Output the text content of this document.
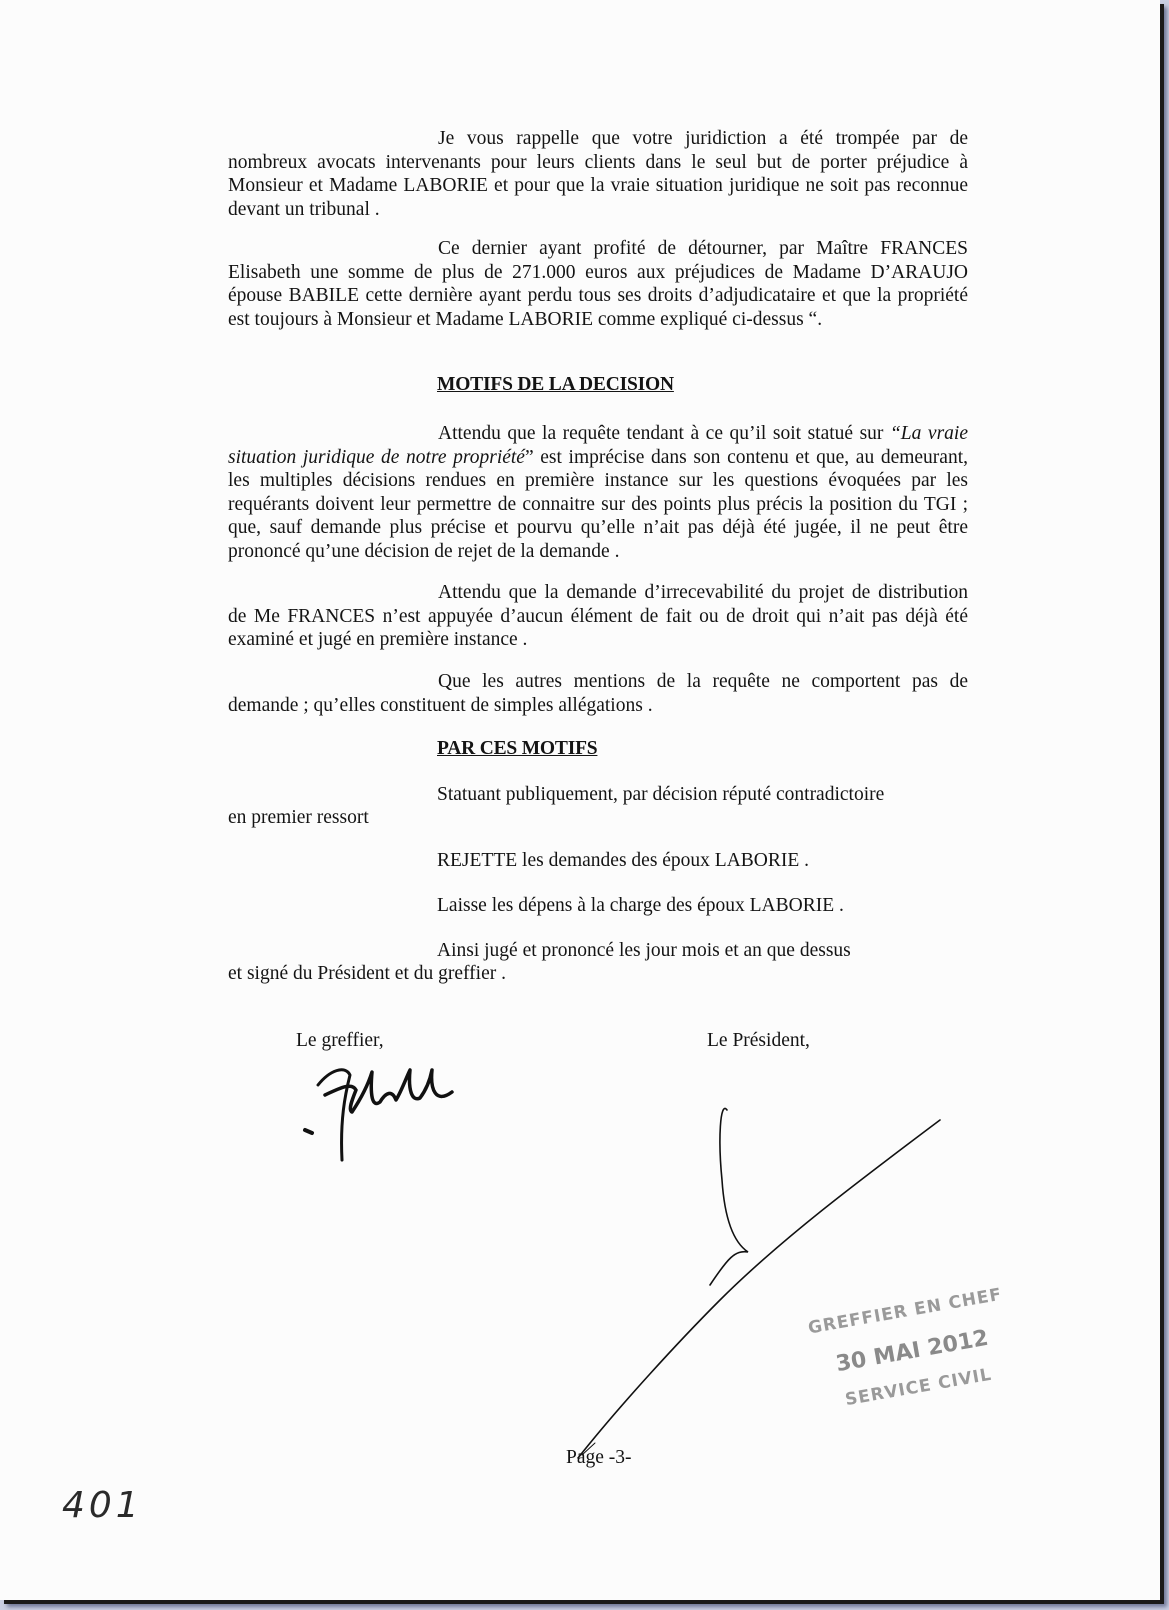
Je vous rappelle que votre juridiction a été trompée par de nombreux avocats intervenants pour leurs clients dans le seul but de porter préjudice à Monsieur et Madame LABORIE et pour que la vraie situation juridique ne soit pas reconnue devant un tribunal .
Ce dernier ayant profité de détourner, par Maître FRANCES Elisabeth une somme de plus de 271.000 euros aux préjudices de Madame D’ARAUJO épouse BABILE cette dernière ayant perdu tous ses droits d’adjudicataire et que la propriété est toujours à Monsieur et Madame LABORIE comme expliqué ci-dessus “.
MOTIFS DE LA DECISION
Attendu que la requête tendant à ce qu’il soit statué sur “La vraie situation juridique de notre propriété” est imprécise dans son contenu et que, au demeurant, les multiples décisions rendues en première instance sur les questions évoquées par les requérants doivent leur permettre de connaitre sur des points plus précis la position du TGI ; que, sauf demande plus précise et pourvu qu’elle n’ait pas déjà été jugée, il ne peut être prononcé qu’une décision de rejet de la demande .
Attendu que la demande d’irrecevabilité du projet de distribution de Me FRANCES n’est appuyée d’aucun élément de fait ou de droit qui n’ait pas déjà été examiné et jugé en première instance .
Que les autres mentions de la requête ne comportent pas de demande ; qu’elles constituent de simples allégations .
PAR CES MOTIFS
Statuant publiquement, par décision réputé contradictoire
en premier ressort
REJETTE les demandes des époux LABORIE .
Laisse les dépens à la charge des époux LABORIE .
Ainsi jugé et prononcé les jour mois et an que dessus
et signé du Président et du greffier .
Le greffier,	Le Président,
GREFFIER EN CHEF
30 MAI 2012
SERVICE CIVIL
Page -3-
401
